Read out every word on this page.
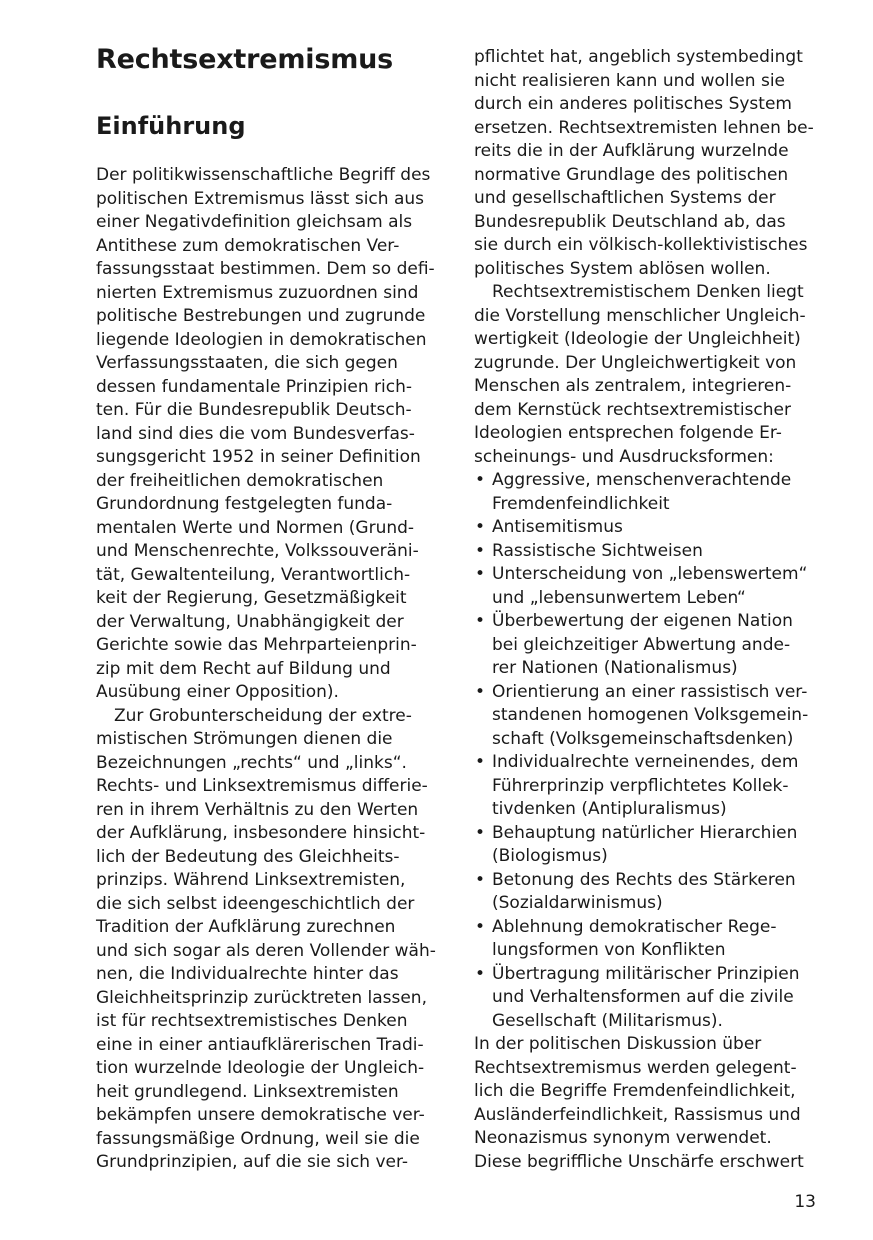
Rechtsextremismus
Einführung
Der politikwissenschaftliche Begriff des
politischen Extremismus lässt sich aus
einer Negativdefinition gleichsam als
Antithese zum demokratischen Ver-
fassungsstaat bestimmen. Dem so defi-
nierten Extremismus zuzuordnen sind
politische Bestrebungen und zugrunde
liegende Ideologien in demokratischen
Verfassungsstaaten, die sich gegen
dessen fundamentale Prinzipien rich-
ten. Für die Bundesrepublik Deutsch-
land sind dies die vom Bundesverfas-
sungsgericht 1952 in seiner Definition
der freiheitlichen demokratischen
Grundordnung festgelegten funda-
mentalen Werte und Normen (Grund-
und Menschenrechte, Volkssouveräni-
tät, Gewaltenteilung, Verantwortlich-
keit der Regierung, Gesetzmäßigkeit
der Verwaltung, Unabhängigkeit der
Gerichte sowie das Mehrparteienprin-
zip mit dem Recht auf Bildung und
Ausübung einer Opposition).
Zur Grobunterscheidung der extre-
mistischen Strömungen dienen die
Bezeichnungen „rechts“ und „links“.
Rechts- und Linksextremismus differie-
ren in ihrem Verhältnis zu den Werten
der Aufklärung, insbesondere hinsicht-
lich der Bedeutung des Gleichheits-
prinzips. Während Linksextremisten,
die sich selbst ideengeschichtlich der
Tradition der Aufklärung zurechnen
und sich sogar als deren Vollender wäh-
nen, die Individualrechte hinter das
Gleichheitsprinzip zurücktreten lassen,
ist für rechtsextremistisches Denken
eine in einer antiaufklärerischen Tradi-
tion wurzelnde Ideologie der Ungleich-
heit grundlegend. Linksextremisten
bekämpfen unsere demokratische ver-
fassungsmäßige Ordnung, weil sie die
Grundprinzipien, auf die sie sich ver-
pflichtet hat, angeblich systembedingt
nicht realisieren kann und wollen sie
durch ein anderes politisches System
ersetzen. Rechtsextremisten lehnen be-
reits die in der Aufklärung wurzelnde
normative Grundlage des politischen
und gesellschaftlichen Systems der
Bundesrepublik Deutschland ab, das
sie durch ein völkisch-kollektivistisches
politisches System ablösen wollen.
Rechtsextremistischem Denken liegt
die Vorstellung menschlicher Ungleich-
wertigkeit (Ideologie der Ungleichheit)
zugrunde. Der Ungleichwertigkeit von
Menschen als zentralem, integrieren-
dem Kernstück rechtsextremistischer
Ideologien entsprechen folgende Er-
scheinungs- und Ausdrucksformen:
• Aggressive, menschenverachtende
Fremdenfeindlichkeit
• Antisemitismus
• Rassistische Sichtweisen
• Unterscheidung von „lebenswertem“
und „lebensunwertem Leben“
• Überbewertung der eigenen Nation
bei gleichzeitiger Abwertung ande-
rer Nationen (Nationalismus)
• Orientierung an einer rassistisch ver-
standenen homogenen Volksgemein-
schaft (Volksgemeinschaftsdenken)
• Individualrechte verneinendes, dem
Führerprinzip verpflichtetes Kollek-
tivdenken (Antipluralismus)
• Behauptung natürlicher Hierarchien
(Biologismus)
• Betonung des Rechts des Stärkeren
(Sozialdarwinismus)
• Ablehnung demokratischer Rege-
lungsformen von Konflikten
• Übertragung militärischer Prinzipien
und Verhaltensformen auf die zivile
Gesellschaft (Militarismus).
In der politischen Diskussion über
Rechtsextremismus werden gelegent-
lich die Begriffe Fremdenfeindlichkeit,
Ausländerfeindlichkeit, Rassismus und
Neonazismus synonym verwendet.
Diese begriffliche Unschärfe erschwert
13
